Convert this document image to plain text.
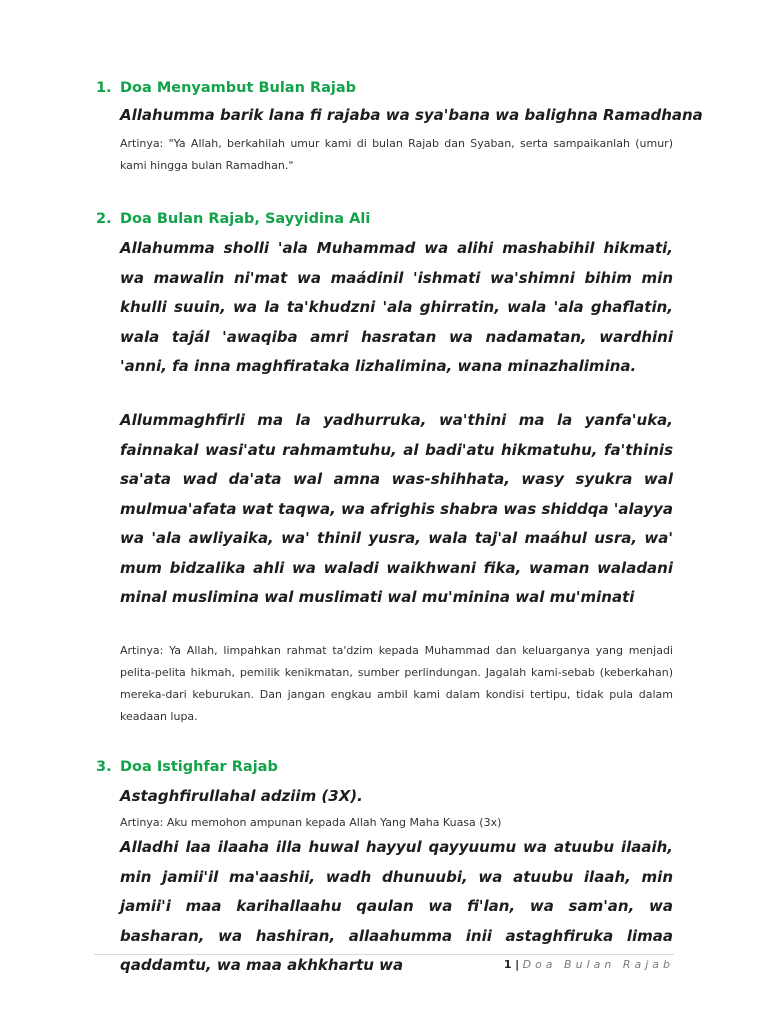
1. Doa Menyambut Bulan Rajab

Allahumma barik lana fi rajaba wa sya'bana wa balighna Ramadhana

Artinya: "Ya Allah, berkahilah umur kami di bulan Rajab dan Syaban, serta sampaikanlah (umur) kami hingga bulan Ramadhan."

2. Doa Bulan Rajab, Sayyidina Ali

Allahumma sholli 'ala Muhammad wa alihi mashabihil hikmati, wa mawalin ni'mat wa maádinil 'ishmati wa'shimni bihim min khulli suuin, wa la ta'khudzni 'ala ghirratin, wala 'ala ghaflatin, wala tajál 'awaqiba amri hasratan wa nadamatan, wardhini 'anni, fa inna maghfirataka lizhalimina, wana minazhalimina.

Allummaghfirli ma la yadhurruka, wa'thini ma la yanfa'uka, fainnakal wasi'atu rahmamtuhu, al badi'atu hikmatuhu, fa'thinis sa'ata wad da'ata wal amna was-shihhata, wasy syukra wal mulmua'afata wat taqwa, wa afrighis shabra was shiddqa 'alayya wa 'ala awliyaika, wa' thinil yusra, wala taj'al maáhul usra, wa' mum bidzalika ahli wa waladi waikhwani fika, waman waladani minal muslimina wal muslimati wal mu'minina wal mu'minati

Artinya: Ya Allah, limpahkan rahmat ta'dzim kepada Muhammad dan keluarganya yang menjadi pelita-pelita hikmah, pemilik kenikmatan, sumber perlindungan. Jagalah kami-sebab (keberkahan) mereka-dari keburukan. Dan jangan engkau ambil kami dalam kondisi tertipu, tidak pula dalam keadaan lupa.

3. Doa Istighfar Rajab

Astaghfirullahal adziim (3X).

Artinya: Aku memohon ampunan kepada Allah Yang Maha Kuasa (3x)

Alladhi laa ilaaha illa huwal hayyul qayyuumu wa atuubu ilaaih, min jamii'il ma'aashii, wadh dhunuubi, wa atuubu ilaah, min jamii'i maa karihallaahu qaulan wa fi'lan, wa sam'an, wa basharan, wa hashiran, allaahumma inii astaghfiruka limaa qaddamtu, wa maa akhkhartu wa	1 | Doa Bulan Rajab
